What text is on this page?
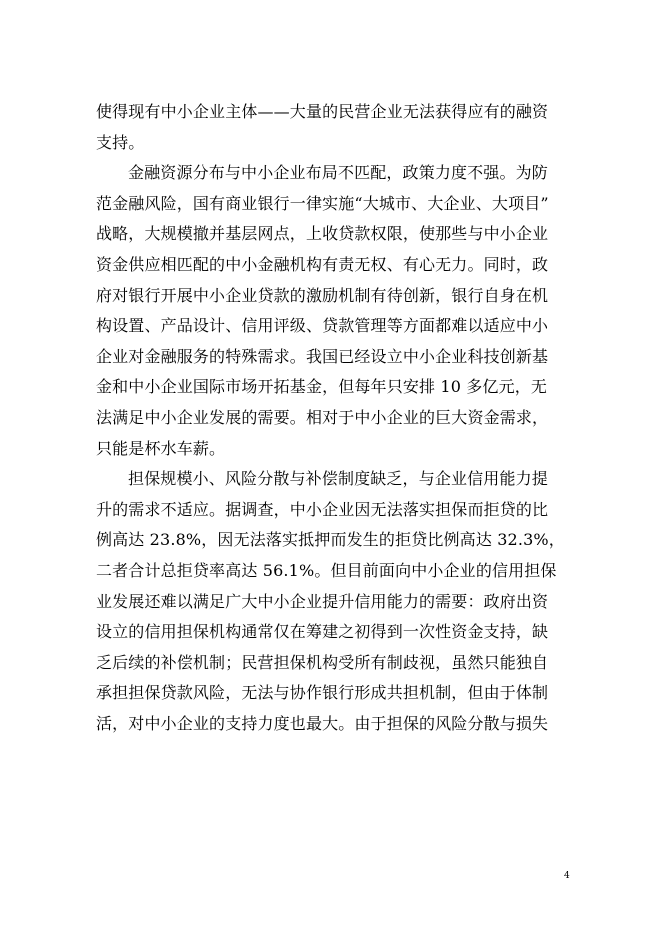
使得现有中小企业主体——大量的民营企业无法获得应有的融资
支持。
金融资源分布与中小企业布局不匹配，政策力度不强。为防
范金融风险，国有商业银行一律实施“大城市、大企业、大项目”
战略，大规模撤并基层网点，上收贷款权限，使那些与中小企业
资金供应相匹配的中小金融机构有责无权、有心无力。同时，政
府对银行开展中小企业贷款的激励机制有待创新，银行自身在机
构设置、产品设计、信用评级、贷款管理等方面都难以适应中小
企业对金融服务的特殊需求。我国已经设立中小企业科技创新基
金和中小企业国际市场开拓基金，但每年只安排 10 多亿元，无
法满足中小企业发展的需要。相对于中小企业的巨大资金需求，
只能是杯水车薪。
担保规模小、风险分散与补偿制度缺乏，与企业信用能力提
升的需求不适应。据调查，中小企业因无法落实担保而拒贷的比
例高达 23.8%，因无法落实抵押而发生的拒贷比例高达 32.3%，
二者合计总拒贷率高达 56.1%。但目前面向中小企业的信用担保
业发展还难以满足广大中小企业提升信用能力的需要：政府出资
设立的信用担保机构通常仅在筹建之初得到一次性资金支持，缺
乏后续的补偿机制；民营担保机构受所有制歧视，虽然只能独自
承担担保贷款风险，无法与协作银行形成共担机制，但由于体制
活，对中小企业的支持力度也最大。由于担保的风险分散与损失
4
